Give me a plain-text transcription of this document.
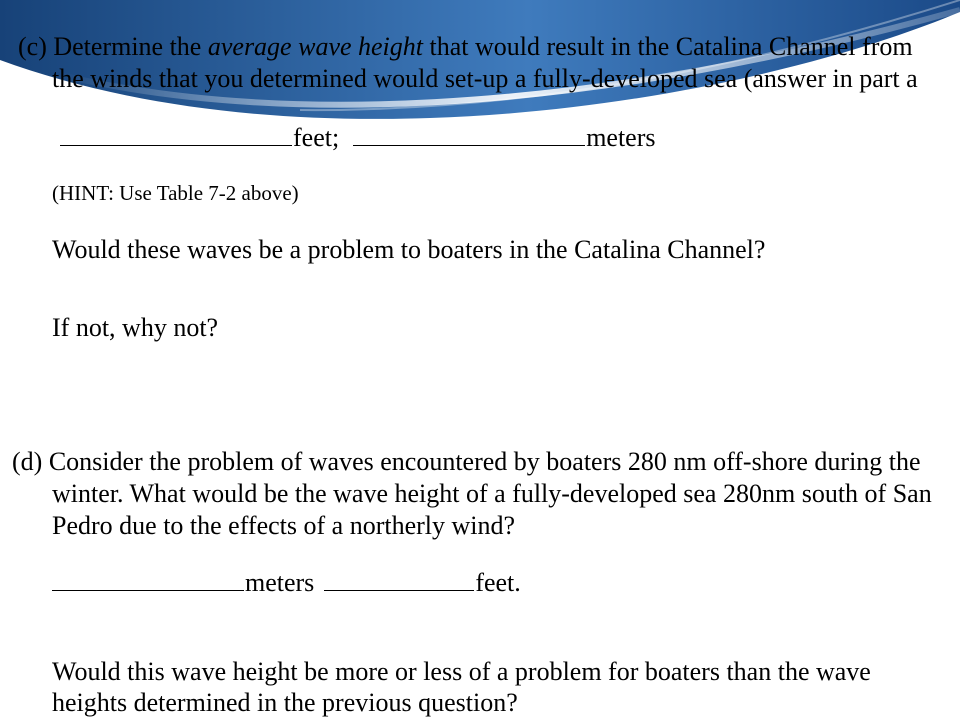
(c) Determine the average wave height that would result in the Catalina Channel from
the winds that you determined would set-up a fully-developed sea (answer in part a
feet;	meters
(HINT: Use Table 7-2 above)
Would these waves be a problem to boaters in the Catalina Channel?
If not, why not?
(d) Consider the problem of waves encountered by boaters 280 nm off-shore during the
winter. What would be the wave height of a fully-developed sea 280nm south of San
Pedro due to the effects of a northerly wind?
meters	feet.
Would this wave height be more or less of a problem for boaters than the wave
heights determined in the previous question?
